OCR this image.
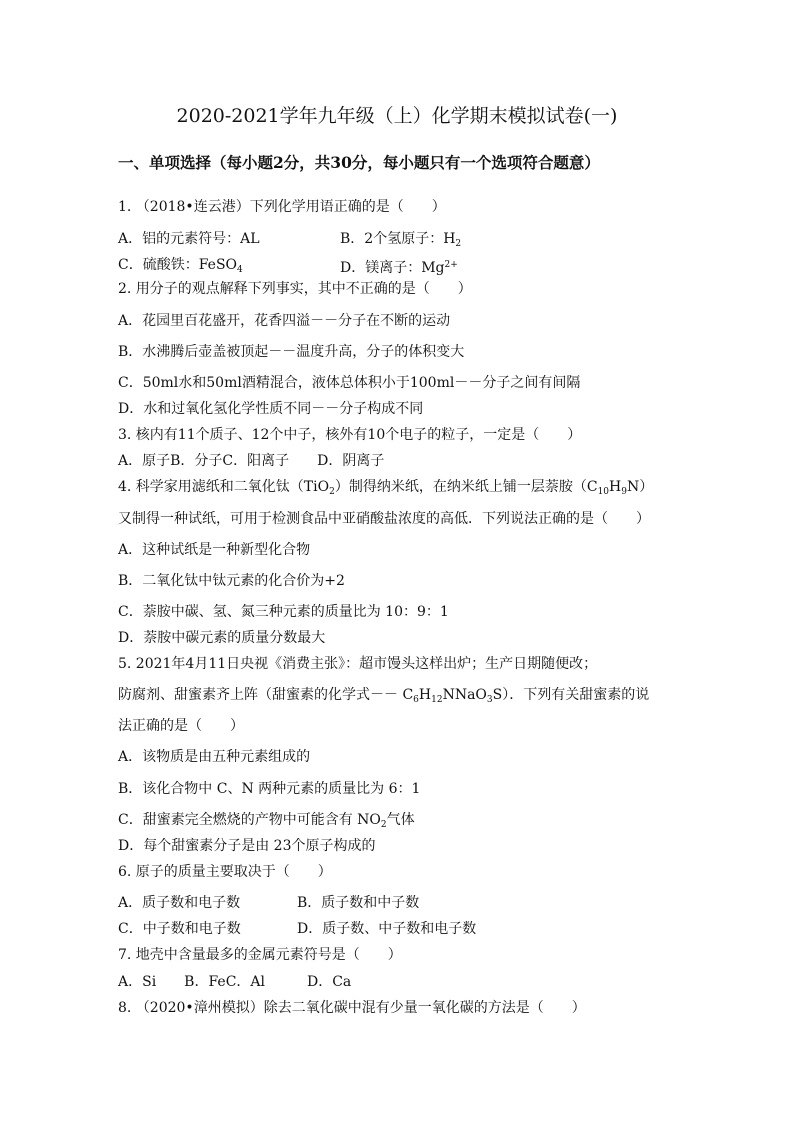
2020-2021学年九年级（上）化学期末模拟试卷(一)
一、单项选择（每小题2分，共30分，每小题只有一个选项符合题意）
1. （2018•连云港）下列化学用语正确的是（　　）
A．铝的元素符号：AL	B．2个氢原子：$H_2$
C．硫酸铁：FeSO$_4$	D．镁离子：$Mg^{2+}$
2. 用分子的观点解释下列事实，其中不正确的是（　　）
A．花园里百花盛开，花香四溢－－分子在不断的运动
B．水沸腾后壶盖被顶起－－温度升高，分子的体积变大
C．50ml水和50ml酒精混合，液体总体积小于100ml－－分子之间有间隔
D．水和过氧化氢化学性质不同－－分子构成不同
3. 核内有11个质子、12个中子，核外有10个电子的粒子，一定是（　　）
A．原子B．分子C．阳离子　　D．阴离子
4. 科学家用滤纸和二氧化钛（TiO$_2$）制得纳米纸，在纳米纸上铺一层萘胺$(C_{10}H_9N)$
又制得一种试纸，可用于检测食品中亚硝酸盐浓度的高低．下列说法正确的是（　　）
A．这种试纸是一种新型化合物
B．二氧化钛中钛元素的化合价为+2
C．萘胺中碳、氢、氮三种元素的质量比为 10：9：1
D．萘胺中碳元素的质量分数最大
5. 2021年4月11日央视《消费主张》：超市馒头这样出炉；生产日期随便改；
防腐剂、甜蜜素齐上阵（甜蜜素的化学式－－ $C_6H_{12}NNaO_3S$）．下列有关甜蜜素的说
法正确的是（　　）
A．该物质是由五种元素组成的
B．该化合物中 C、N 两种元素的质量比为 6：1
C．甜蜜素完全燃烧的产物中可能含有 $NO_2$气体
D．每个甜蜜素分子是由 23个原子构成的
6. 原子的质量主要取决于（　　）
A．质子数和电子数	B．质子数和中子数
C．中子数和电子数	D．质子数、中子数和电子数
7. 地壳中含量最多的金属元素符号是（　　）
A．Si　　B．FeC．Al　　　D．Ca
8. （2020•漳州模拟）除去二氧化碳中混有少量一氧化碳的方法是（　　）
